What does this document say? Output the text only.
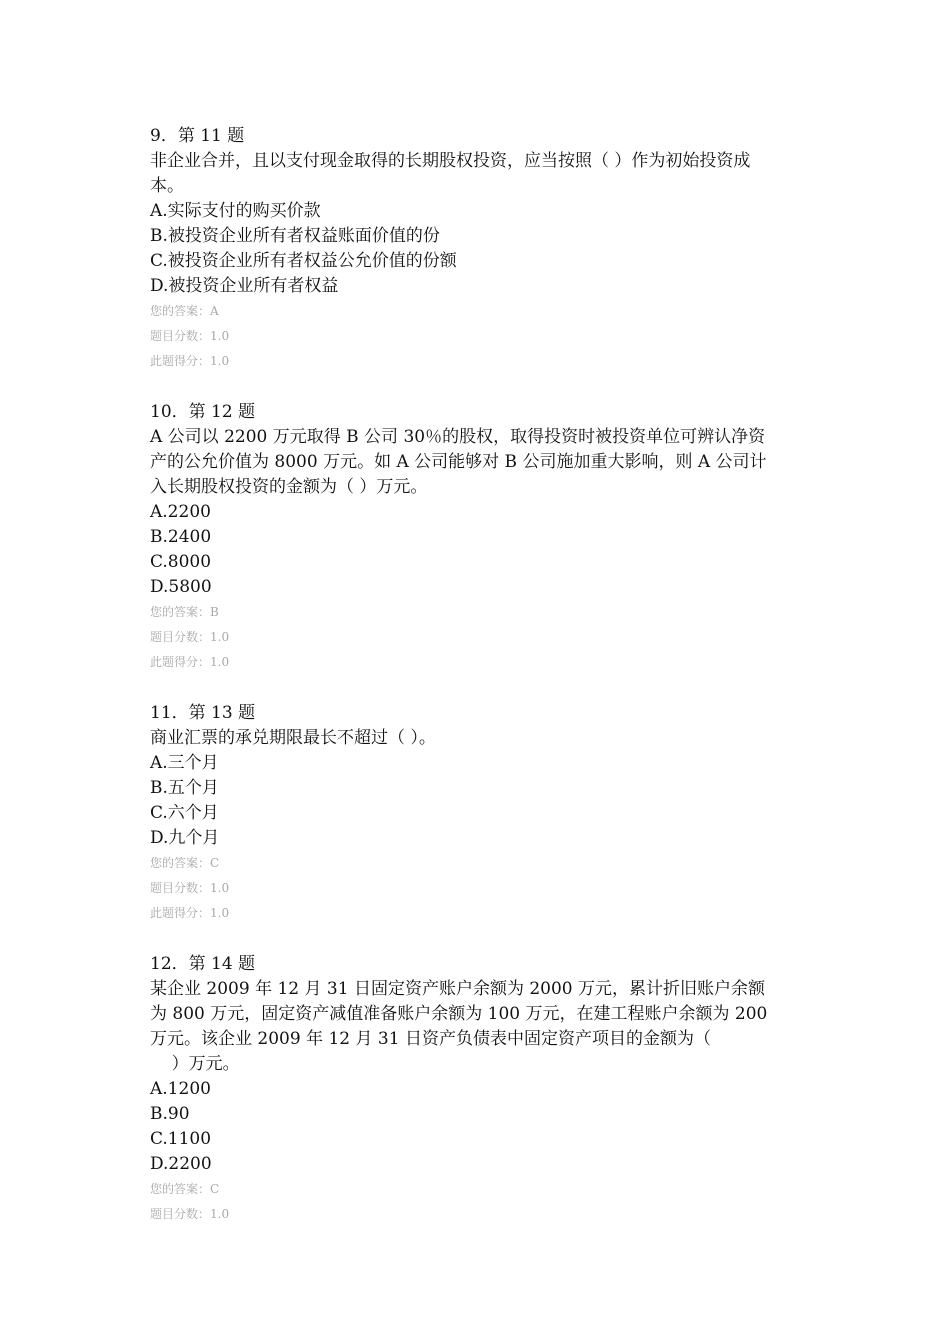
9．第 11 题
非企业合并，且以支付现金取得的长期股权投资，应当按照（ ）作为初始投资成
本。
A.实际支付的购买价款
B.被投资企业所有者权益账面价值的份
C.被投资企业所有者权益公允价值的份额
D.被投资企业所有者权益
您的答案：A
题目分数：1.0
此题得分：1.0
10．第 12 题
A 公司以 2200 万元取得 B 公司 30％的股权，取得投资时被投资单位可辨认净资
产的公允价值为 8000 万元。如 A 公司能够对 B 公司施加重大影响，则 A 公司计
入长期股权投资的金额为（ ）万元。
A.2200
B.2400
C.8000
D.5800
您的答案：B
题目分数：1.0
此题得分：1.0
11．第 13 题
商业汇票的承兑期限最长不超过（ ）。
A.三个月
B.五个月
C.六个月
D.九个月
您的答案：C
题目分数：1.0
此题得分：1.0
12．第 14 题
某企业 2009 年 12 月 31 日固定资产账户余额为 2000 万元，累计折旧账户余额
为 800 万元，固定资产减值准备账户余额为 100 万元，在建工程账户余额为 200
万元。该企业 2009 年 12 月 31 日资产负债表中固定资产项目的金额为（
）万元。
A.1200
B.90
C.1100
D.2200
您的答案：C
题目分数：1.0
